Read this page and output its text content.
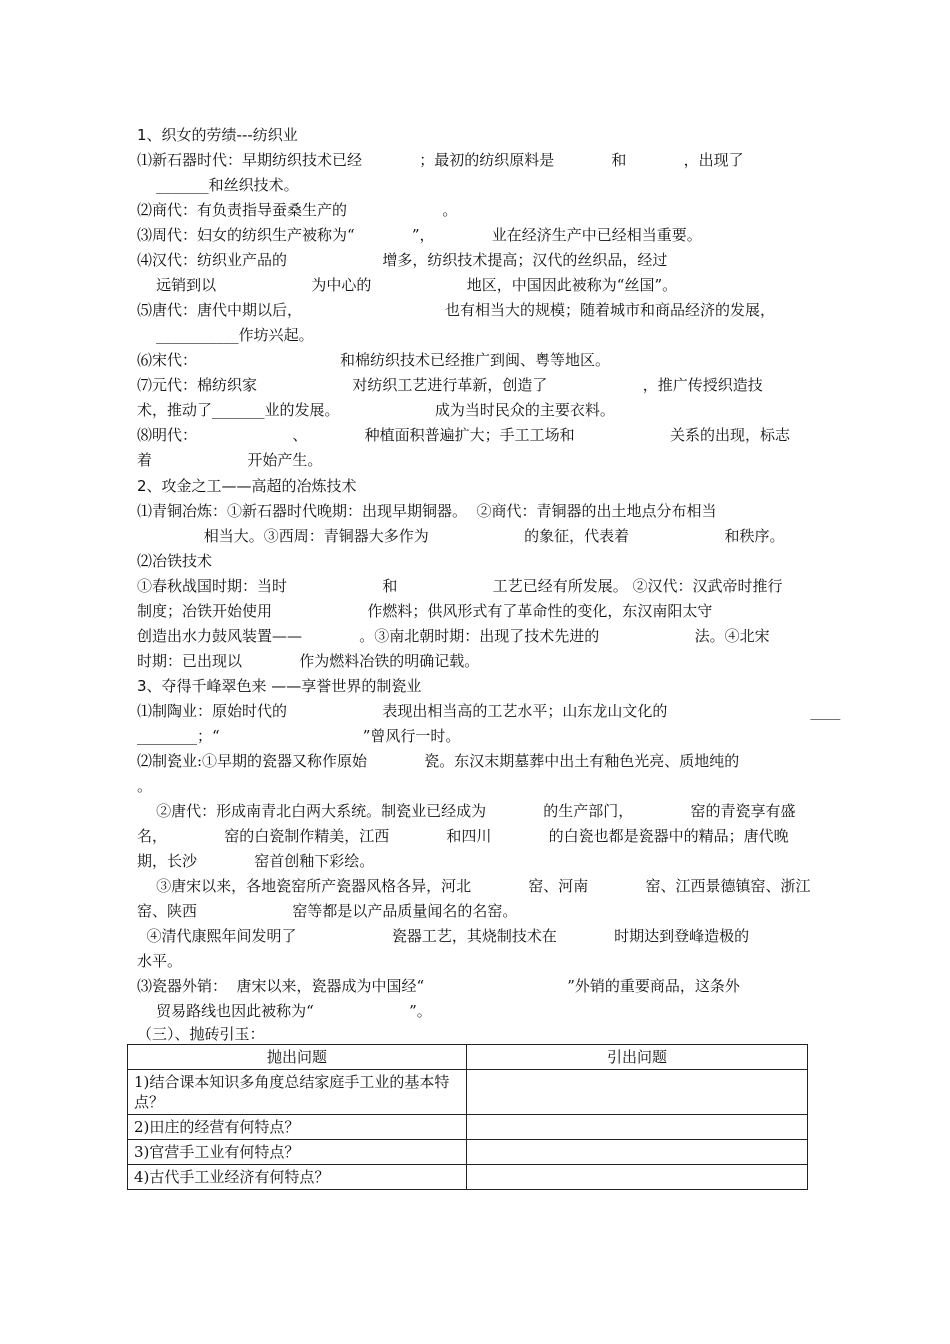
1、织女的劳绩---纺织业
⑴新石器时代：早期纺织技术已经            ；最初的纺织原料是            和            ，出现了
_______和丝织技术。
⑵商代：有负责指导蚕桑生产的                    。
⑶周代：妇女的纺织生产被称为“            ”，            业在经济生产中已经相当重要。
⑷汉代：纺织业产品的                    增多，纺织技术提高；汉代的丝织品，经过
远销到以                    为中心的                    地区，中国因此被称为“丝国”。
⑸唐代：唐代中期以后，                              也有相当大的规模；随着城市和商品经济的发展，
___________作坊兴起。
⑹宋代：                              和棉纺织技术已经推广到闽、粤等地区。
⑺元代：棉纺织家                    对纺织工艺进行革新，创造了                    ，推广传授织造技
术，推动了_______业的发展。                    成为当时民众的主要衣料。
⑻明代：                    、            种植面积普遍扩大；手工工场和                    关系的出现，标志
着                    开始产生。
2、攻金之工——高超的冶炼技术
⑴青铜冶炼：①新石器时代晚期：出现早期铜器。  ②商代：青铜器的出土地点分布相当
相当大。③西周：青铜器大多作为                    的象征，代表着                    和秩序。
⑵冶铁技术
①春秋战国时期：当时                    和                    工艺已经有所发展。 ②汉代：汉武帝时推行
制度；冶铁开始使用                    作燃料；供风形式有了革命性的变化，东汉南阳太守
创造出水力鼓风装置——            。③南北朝时期：出现了技术先进的                    法。④北宋
时期：已出现以            作为燃料冶铁的明确记载。
3、夺得千峰翠色来 ——享誉世界的制瓷业
⑴制陶业：原始时代的                    表现出相当高的工艺水平；山东龙山文化的                              ____
________；“                              ”曾风行一时。
⑵制瓷业:①早期的瓷器又称作原始            瓷。东汉末期墓葬中出土有釉色光亮、质地纯的
。
②唐代：形成南青北白两大系统。制瓷业已经成为            的生产部门，            窑的青瓷享有盛
名，            窑的白瓷制作精美，江西            和四川            的白瓷也都是瓷器中的精品；唐代晚
期，长沙            窑首创釉下彩绘。
③唐宋以来，各地瓷窑所产瓷器风格各异，河北            窑、河南            窑、江西景德镇窑、浙江
窑、陕西                    窑等都是以产品质量闻名的名窑。
④清代康熙年间发明了                    瓷器工艺，其烧制技术在            时期达到登峰造极的
水平。
⑶瓷器外销：  唐宋以来，瓷器成为中国经“                              ”外销的重要商品，这条外
贸易路线也因此被称为“                    ”。
（三）、抛砖引玉：
抛出问题	引出问题
1)结合课本知识多角度总结家庭手工业的基本特点？	
2)田庄的经营有何特点？	
3)官营手工业有何特点？	
4)古代手工业经济有何特点？	
